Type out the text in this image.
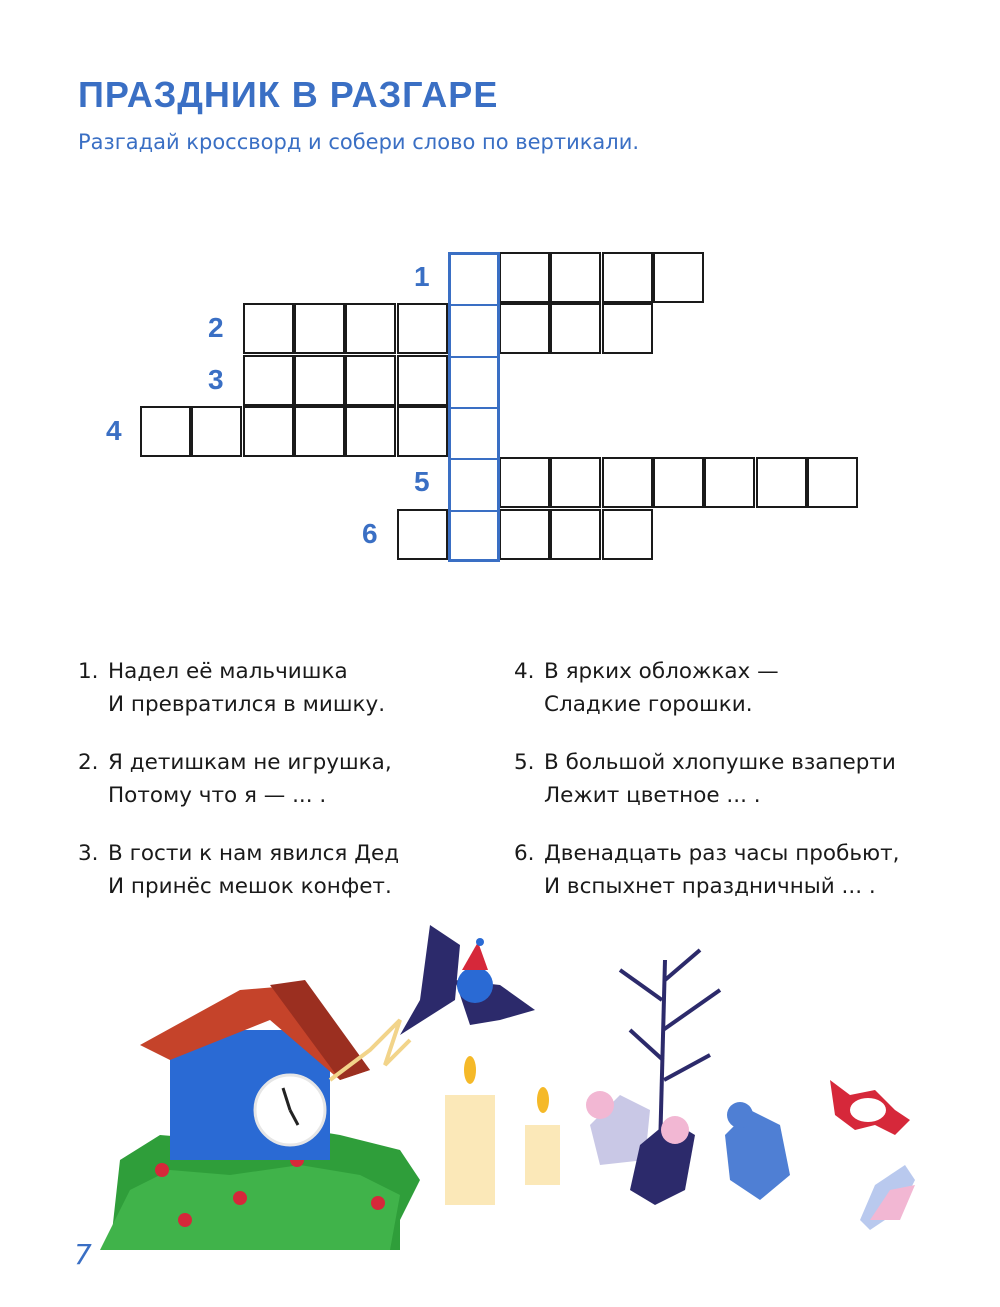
ПРАЗДНИК В РАЗГАРЕ

Разгадай кроссворд и собери слово по вертикали.

1
2
3
4
5
6
1. Надел её мальчишка
И превратился в мишку.
2. Я детишкам не игрушка,
Потому что я — ... .
3. В гости к нам явился Дед
И принёс мешок конфет.
4. В ярких обложках —
Сладкие горошки.
5. В большой хлопушке взаперти
Лежит цветное ... .
6. Двенадцать раз часы пробьют,
И вспыхнет праздничный ... .
7
